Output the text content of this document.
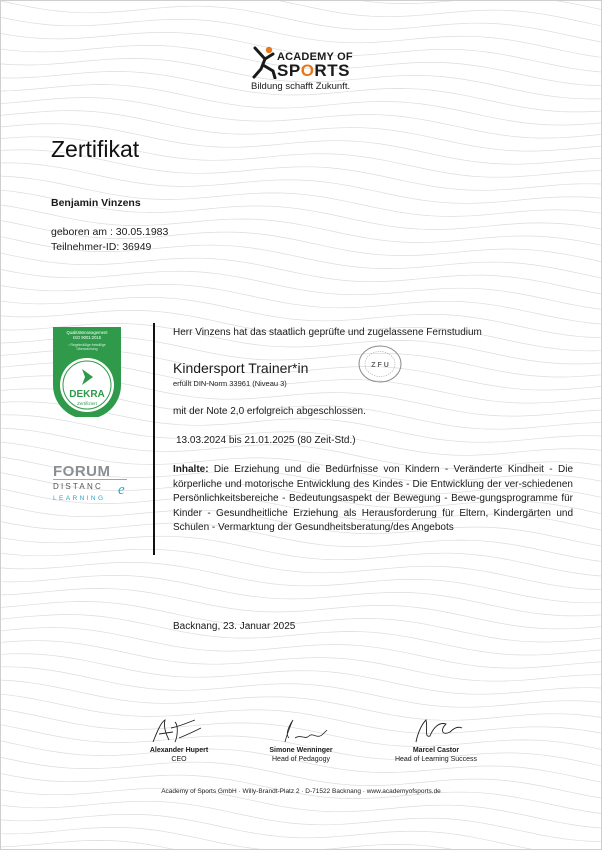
ACADEMY OF
SPORTS
Bildung schafft Zukunft.
Zertifikat
Benjamin Vinzens
geboren am : 30.05.1983
Teilnehmer-ID: 36949
Qualitätsmanagement
ISO 9001:2015
• Regelmäßige freiwillige
Überwachung
DEKRA
Zertifiziert
FORUM
DISTANC e
LEARNING
Herr Vinzens hat das staatlich geprüfte und zugelassene Fernstudium
Kindersport Trainer*in
erfüllt DIN-Norm 33961 (Niveau 3)
Z F U
mit der Note 2,0 erfolgreich abgeschlossen.
13.03.2024 bis 21.01.2025 (80 Zeit-Std.)
Inhalte: Die Erziehung und die Bedürfnisse von Kindern - Veränderte Kindheit - Die körperliche und motorische Entwicklung des Kindes - Die Entwicklung der ver-schiedenen Persönlichkeitsbereiche - Bedeutungsaspekt der Bewegung - Bewe-gungsprogramme für Kinder - Gesundheitliche Erziehung als Herausforderung für Eltern, Kindergärten und Schulen - Vermarktung der Gesundheitsberatung/des Angebots
Backnang, 23. Januar 2025
Alexander Hupert
CEO
Simone Wenninger
Head of Pedagogy
Marcel Castor
Head of Learning Success
Academy of Sports GmbH · Willy-Brandt-Platz 2 · D-71522 Backnang · www.academyofsports.de
